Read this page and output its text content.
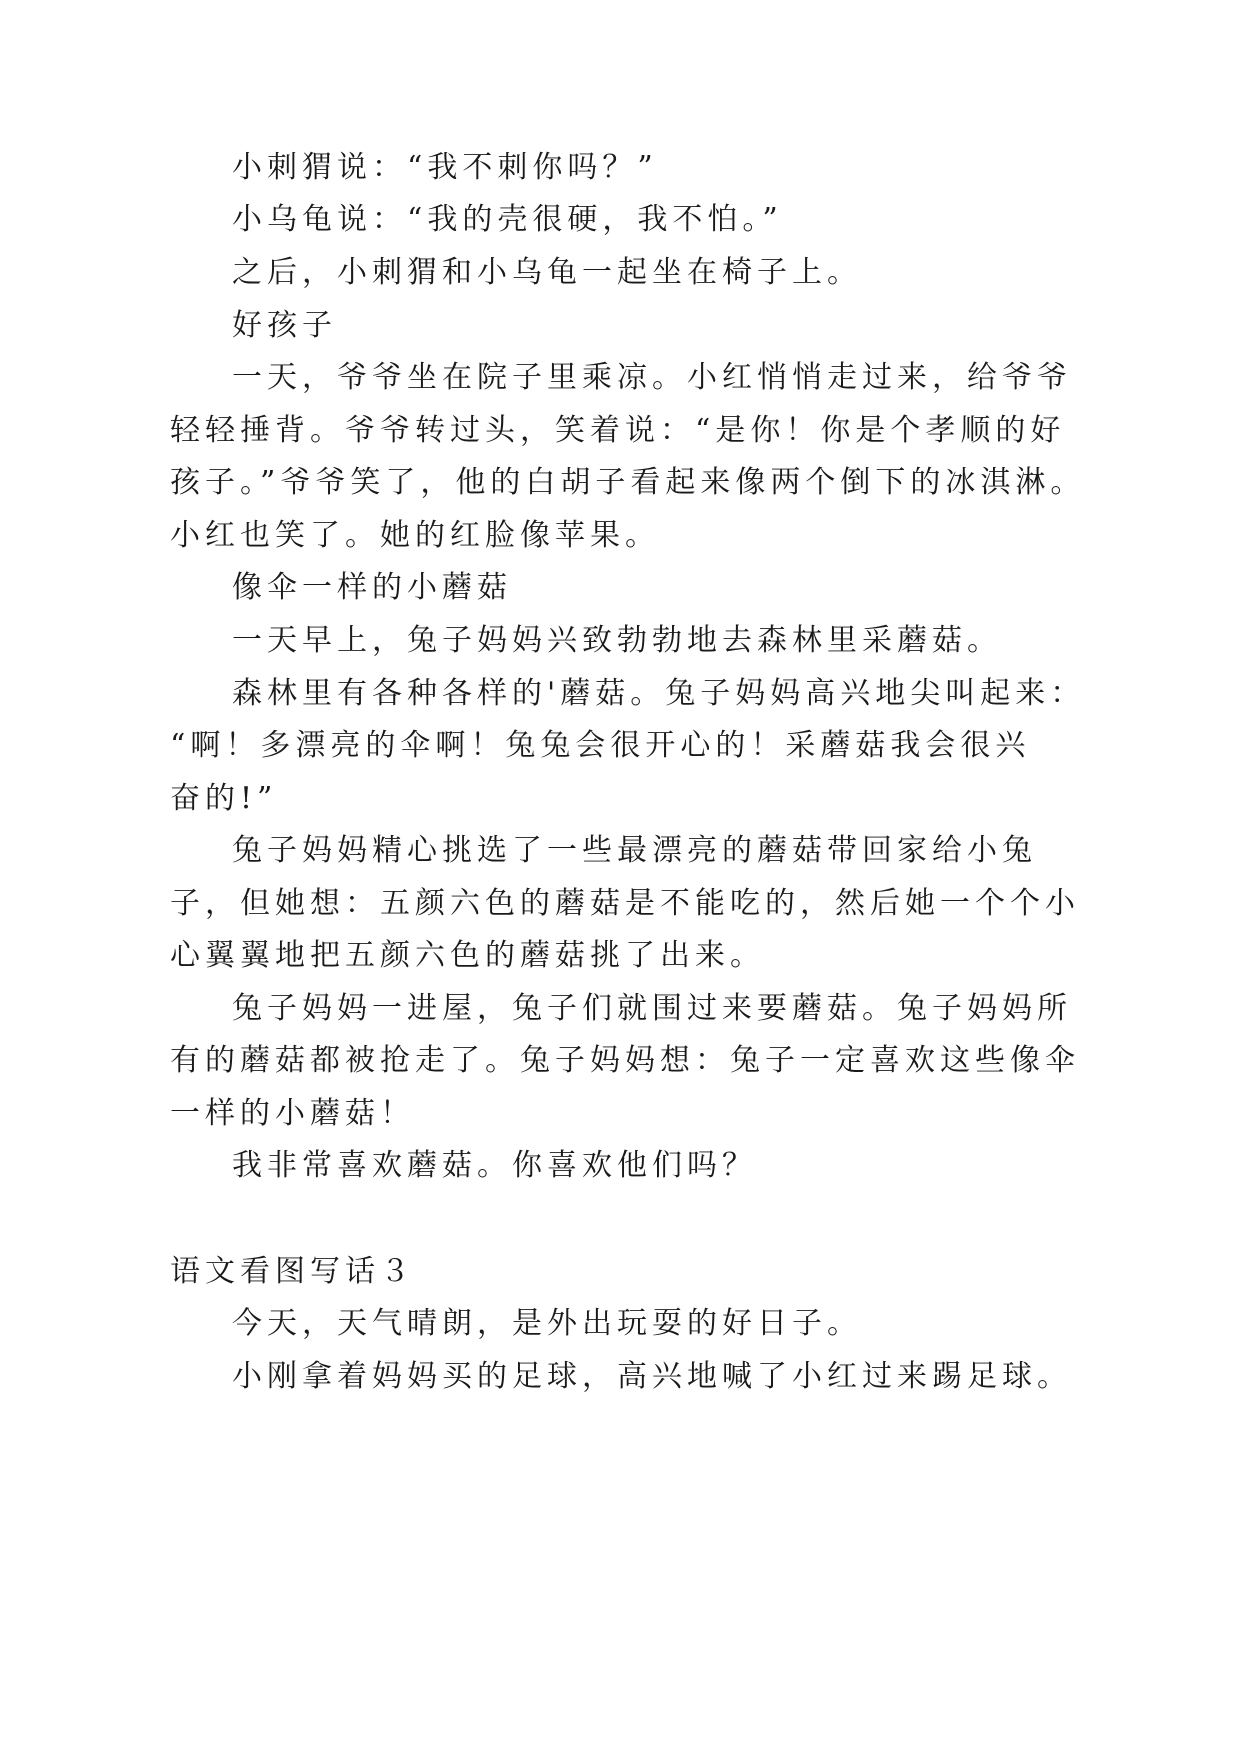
小刺猬说：“我不刺你吗？”
小乌龟说：“我的壳很硬，我不怕。”
之后，小刺猬和小乌龟一起坐在椅子上。
好孩子
一天，爷爷坐在院子里乘凉。小红悄悄走过来，给爷爷
轻轻捶背。爷爷转过头，笑着说：“是你！你是个孝顺的好
孩子。”爷爷笑了，他的白胡子看起来像两个倒下的冰淇淋。
小红也笑了。她的红脸像苹果。
像伞一样的小蘑菇
一天早上，兔子妈妈兴致勃勃地去森林里采蘑菇。
森林里有各种各样的'蘑菇。兔子妈妈高兴地尖叫起来：
“啊！多漂亮的伞啊！兔兔会很开心的！采蘑菇我会很兴
奋的!”
兔子妈妈精心挑选了一些最漂亮的蘑菇带回家给小兔
子，但她想：五颜六色的蘑菇是不能吃的，然后她一个个小
心翼翼地把五颜六色的蘑菇挑了出来。
兔子妈妈一进屋，兔子们就围过来要蘑菇。兔子妈妈所
有的蘑菇都被抢走了。兔子妈妈想：兔子一定喜欢这些像伞
一样的小蘑菇！
我非常喜欢蘑菇。你喜欢他们吗？
语文看图写话３
今天，天气晴朗，是外出玩耍的好日子。
小刚拿着妈妈买的足球，高兴地喊了小红过来踢足球。
